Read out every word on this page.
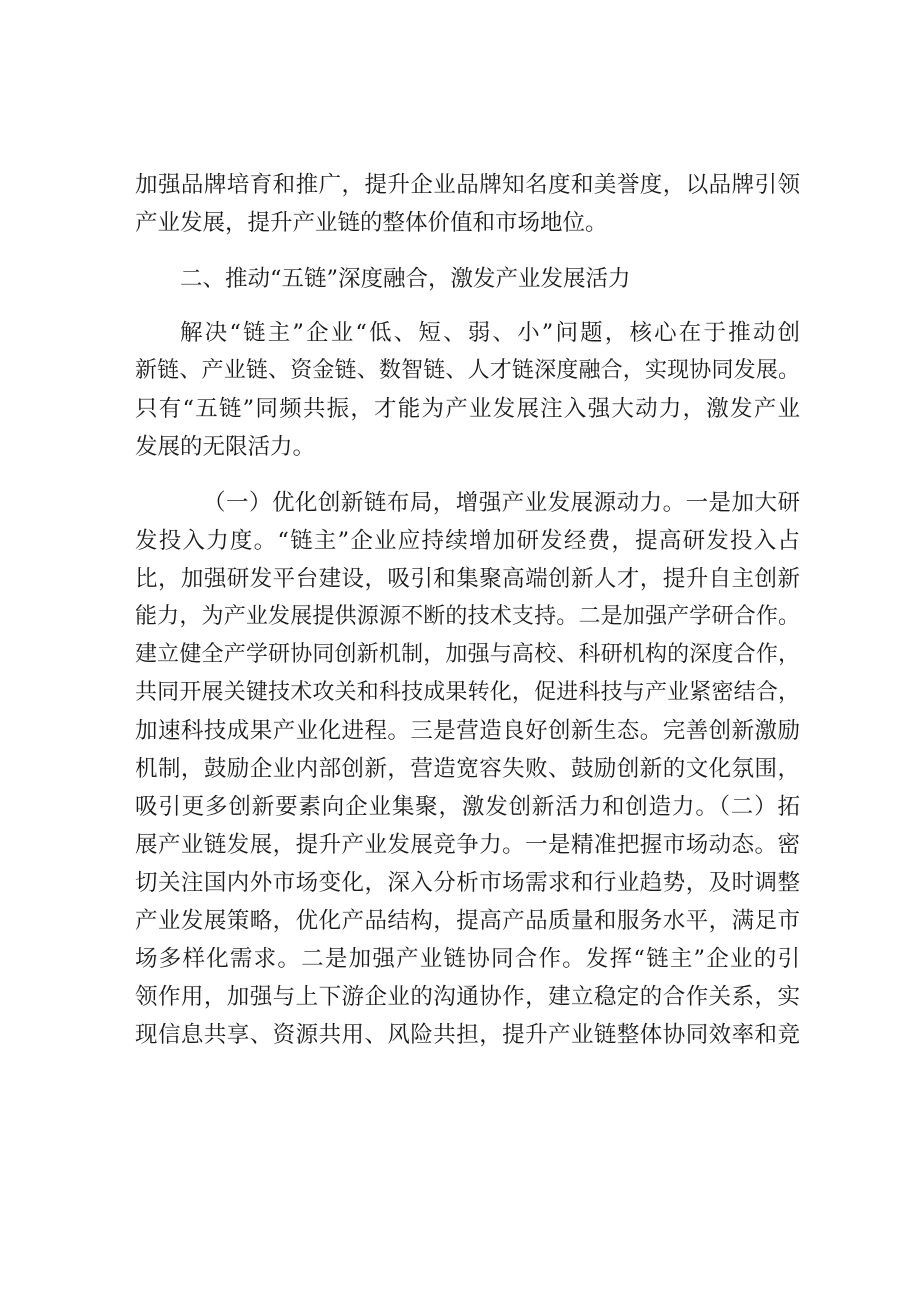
加强品牌培育和推广，提升企业品牌知名度和美誉度，以品牌引领
产业发展，提升产业链的整体价值和市场地位。
二、推动“五链”深度融合，激发产业发展活力
解决“链主”企业“低、短、弱、小”问题，核心在于推动创
新链、产业链、资金链、数智链、人才链深度融合，实现协同发展。
只有“五链”同频共振，才能为产业发展注入强大动力，激发产业
发展的无限活力。
（一）优化创新链布局，增强产业发展源动力。一是加大研
发投入力度。“链主”企业应持续增加研发经费，提高研发投入占
比，加强研发平台建设，吸引和集聚高端创新人才，提升自主创新
能力，为产业发展提供源源不断的技术支持。二是加强产学研合作。
建立健全产学研协同创新机制，加强与高校、科研机构的深度合作，
共同开展关键技术攻关和科技成果转化，促进科技与产业紧密结合，
加速科技成果产业化进程。三是营造良好创新生态。完善创新激励
机制，鼓励企业内部创新，营造宽容失败、鼓励创新的文化氛围，
吸引更多创新要素向企业集聚，激发创新活力和创造力。（二）拓
展产业链发展，提升产业发展竞争力。一是精准把握市场动态。密
切关注国内外市场变化，深入分析市场需求和行业趋势，及时调整
产业发展策略，优化产品结构，提高产品质量和服务水平，满足市
场多样化需求。二是加强产业链协同合作。发挥“链主”企业的引
领作用，加强与上下游企业的沟通协作，建立稳定的合作关系，实
现信息共享、资源共用、风险共担，提升产业链整体协同效率和竞
